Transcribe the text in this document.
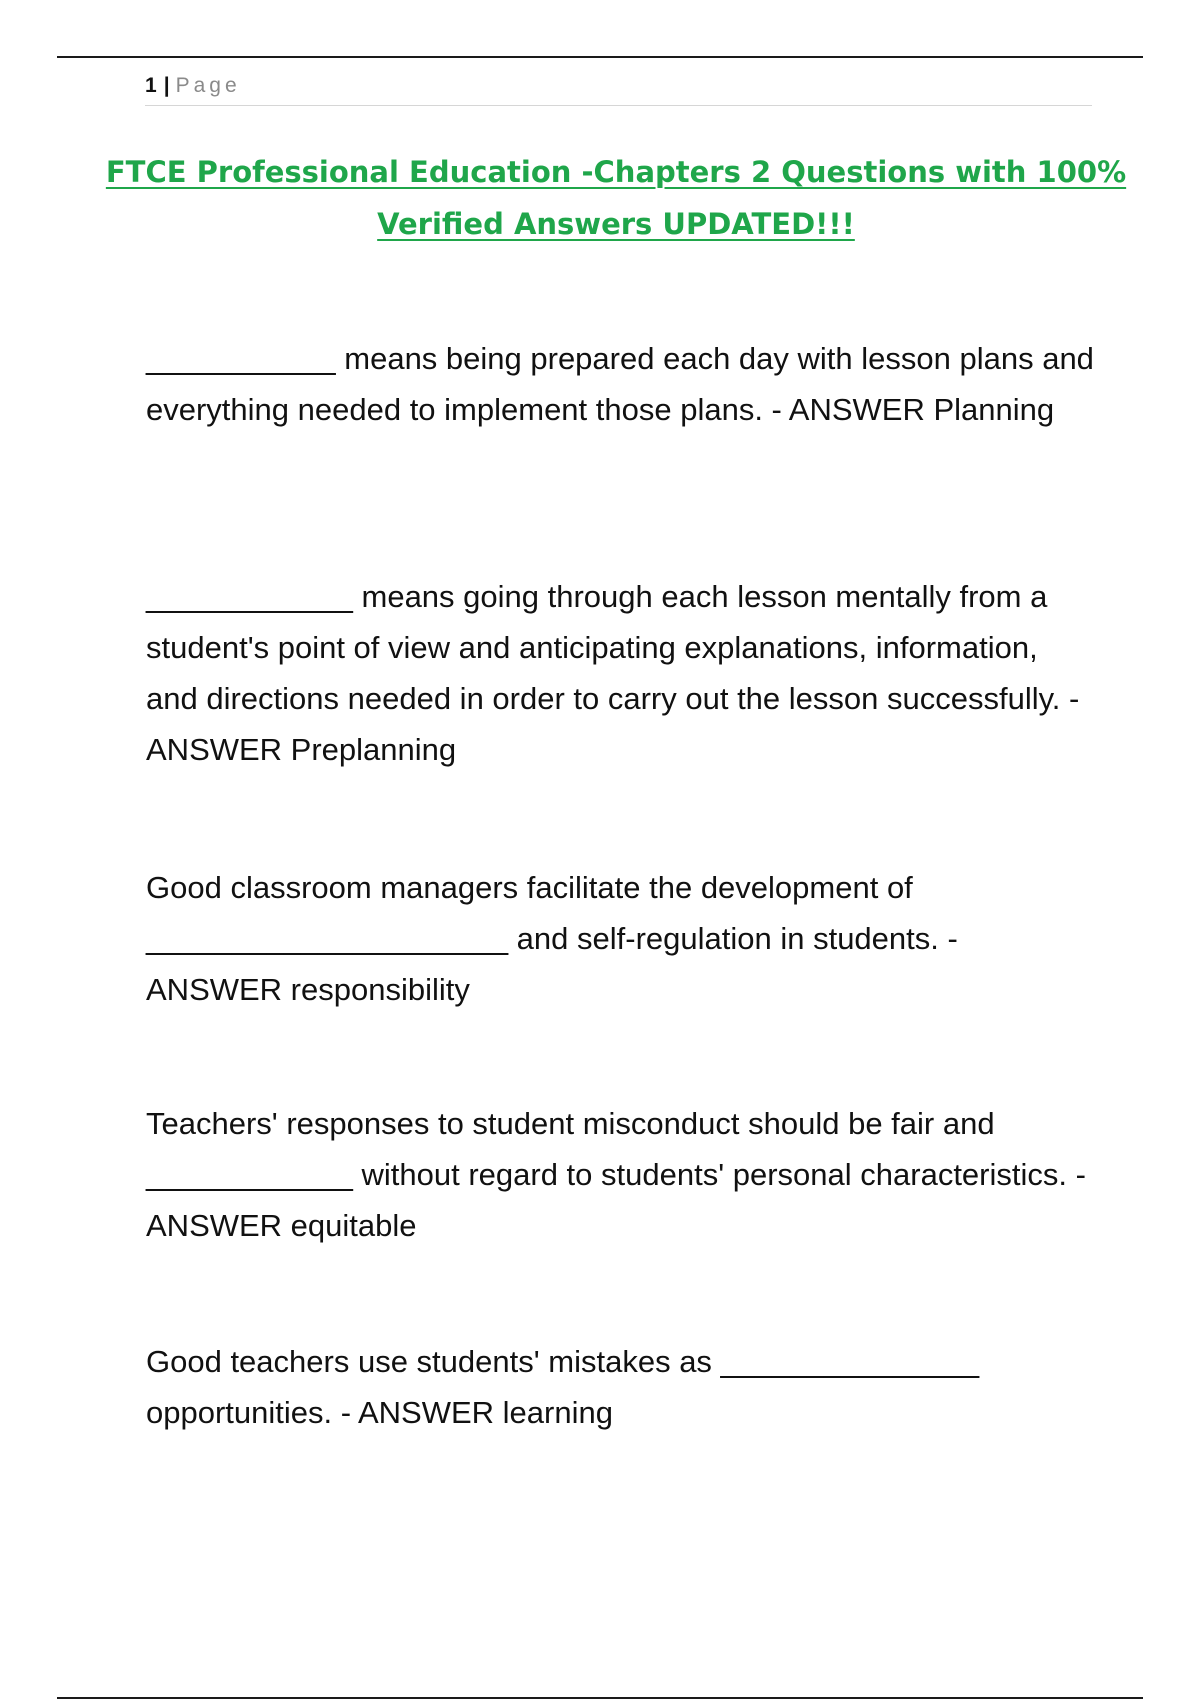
1 | Page
FTCE Professional Education -Chapters 2 Questions with 100% Verified Answers UPDATED!!!

___________ means being prepared each day with lesson plans and everything needed to implement those plans. - ANSWER Planning

____________ means going through each lesson mentally from a student's point of view and anticipating explanations, information, and directions needed in order to carry out the lesson successfully. - ANSWER Preplanning

Good classroom managers facilitate the development of _____________________ and self-regulation in students. - ANSWER responsibility

Teachers' responses to student misconduct should be fair and ____________ without regard to students' personal characteristics. - ANSWER equitable

Good teachers use students' mistakes as _______________ opportunities. - ANSWER learning
